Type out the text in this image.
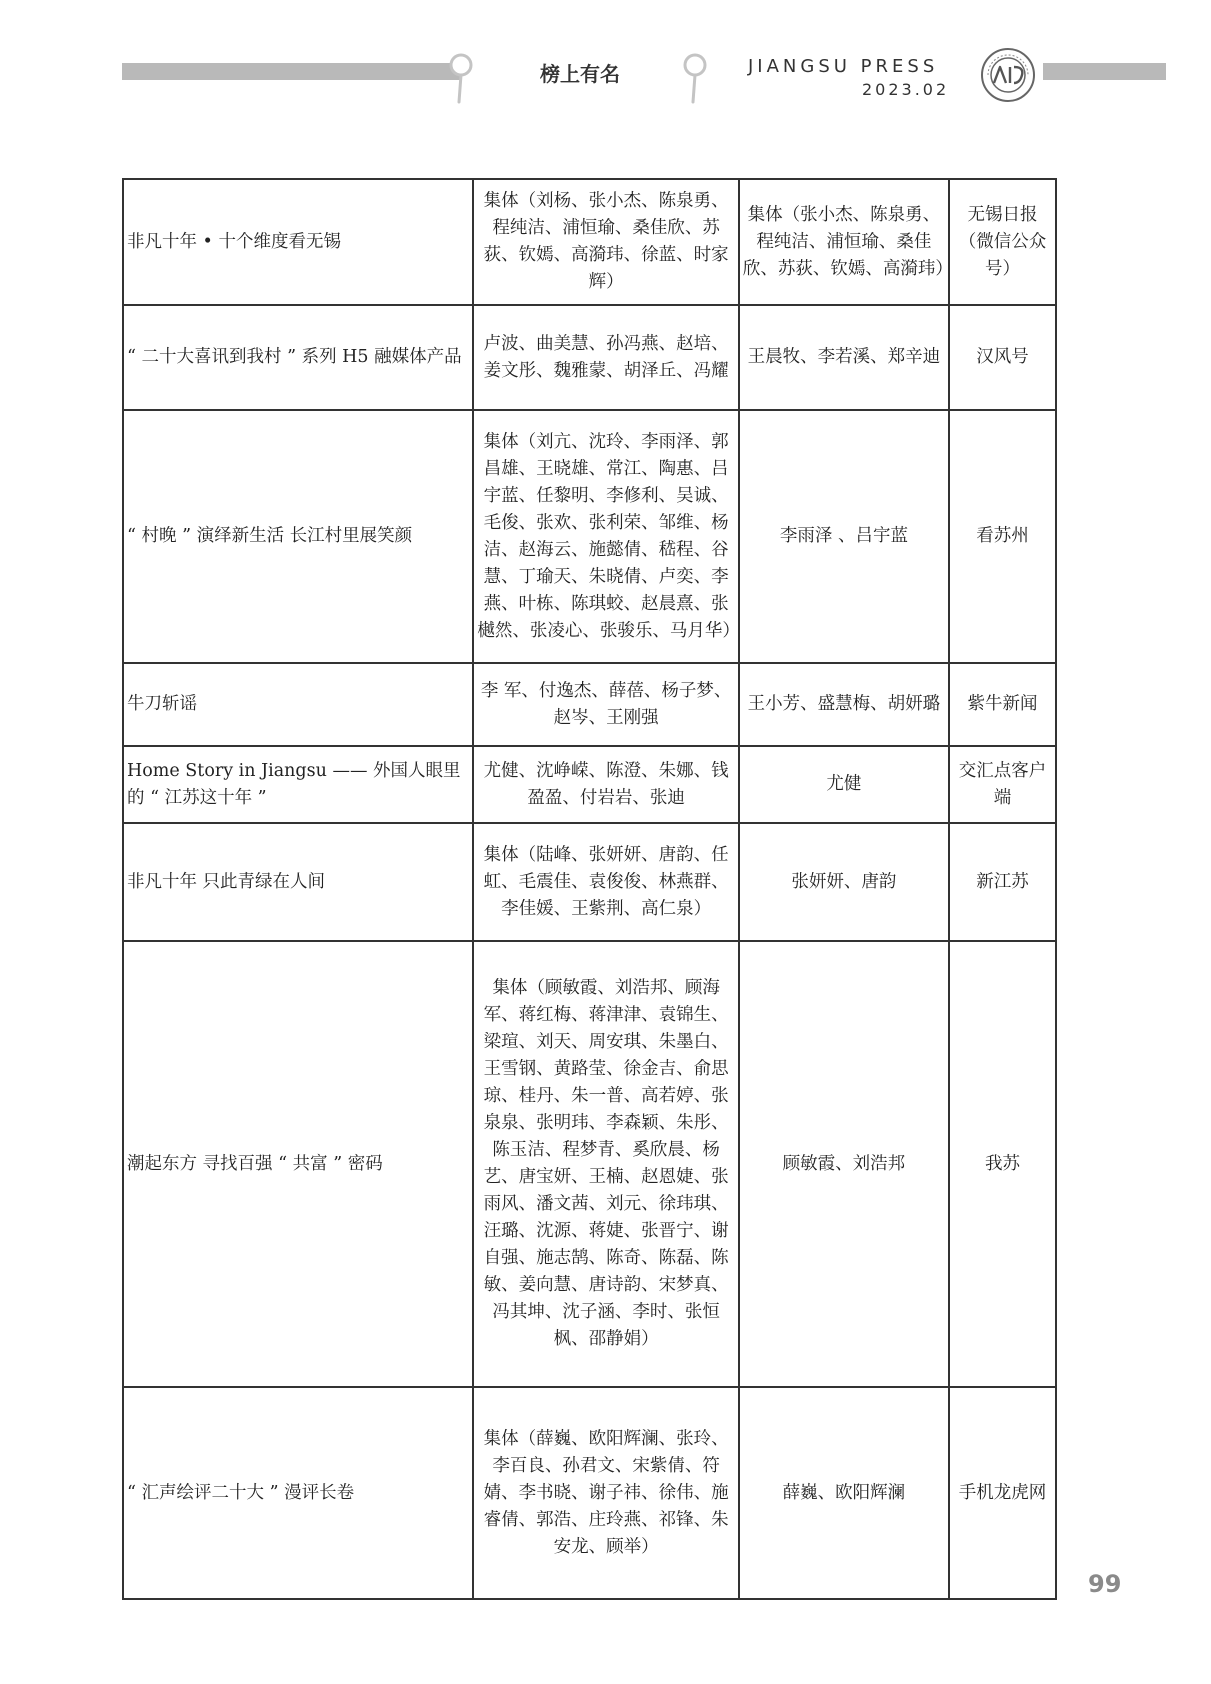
榜上有名	JIANGSU PRESS
2023.02
非凡十年 • 十个维度看无锡	集体（刘杨、张小杰、陈泉勇、程纯洁、浦恒瑜、桑佳欣、苏荻、钦嫣、高漪玮、徐蓝、时家辉）	集体（张小杰、陈泉勇、程纯洁、浦恒瑜、桑佳欣、苏荻、钦嫣、高漪玮）	无锡日报（微信公众号）
“ 二十大喜讯到我村 ” 系列 H5 融媒体产品	卢波、曲美慧、孙冯燕、赵培、姜文彤、魏雅蒙、胡泽丘、冯耀	王晨牧、李若溪、郑辛迪	汉风号
“ 村晚 ” 演绎新生活 长江村里展笑颜	集体（刘亢、沈玲、李雨泽、郭昌雄、王晓雄、常江、陶惠、吕宇蓝、任黎明、李修利、吴诚、毛俊、张欢、张利荣、邹维、杨洁、赵海云、施懿倩、嵇程、谷慧、丁瑜天、朱晓倩、卢奕、李燕、叶栋、陈琪蛟、赵晨熹、张樾然、张凌心、张骏乐、马月华）	李雨泽 、吕宇蓝	看苏州
牛刀斩谣	李 军、付逸杰、薛蓓、杨子梦、赵岑、王刚强	王小芳、盛慧梅、胡妍璐	紫牛新闻
Home Story in Jiangsu —— 外国人眼里的 “ 江苏这十年 ”	尤健、沈峥嵘、陈澄、朱娜、钱盈盈、付岩岩、张迪	尤健	交汇点客户端
非凡十年 只此青绿在人间	集体（陆峰、张妍妍、唐韵、任虹、毛震佳、袁俊俊、林燕群、李佳媛、王紫荆、高仁泉）	张妍妍、唐韵	新江苏
潮起东方 寻找百强 “ 共富 ” 密码	集体（顾敏霞、刘浩邦、顾海军、蒋红梅、蒋津津、袁锦生、梁瑄、刘天、周安琪、朱墨白、王雪钢、黄路莹、徐金吉、俞思琼、桂丹、朱一普、高若婷、张泉泉、张明玮、李森颖、朱彤、陈玉洁、程梦青、奚欣晨、杨艺、唐宝妍、王楠、赵恩婕、张雨风、潘文茜、刘元、徐玮琪、汪璐、沈源、蒋婕、张晋宁、谢自强、施志鹄、陈奇、陈磊、陈敏、姜向慧、唐诗韵、宋梦真、冯其坤、沈子涵、李时、张恒枫、邵静娟）	顾敏霞、刘浩邦	我苏
“ 汇声绘评二十大 ” 漫评长卷	集体（薛巍、欧阳辉澜、张玲、李百良、孙君文、宋紫倩、符婧、李书晓、谢子祎、徐伟、施睿倩、郭浩、庄玲燕、祁锋、朱安龙、顾举）	薛巍、欧阳辉澜	手机龙虎网
99
